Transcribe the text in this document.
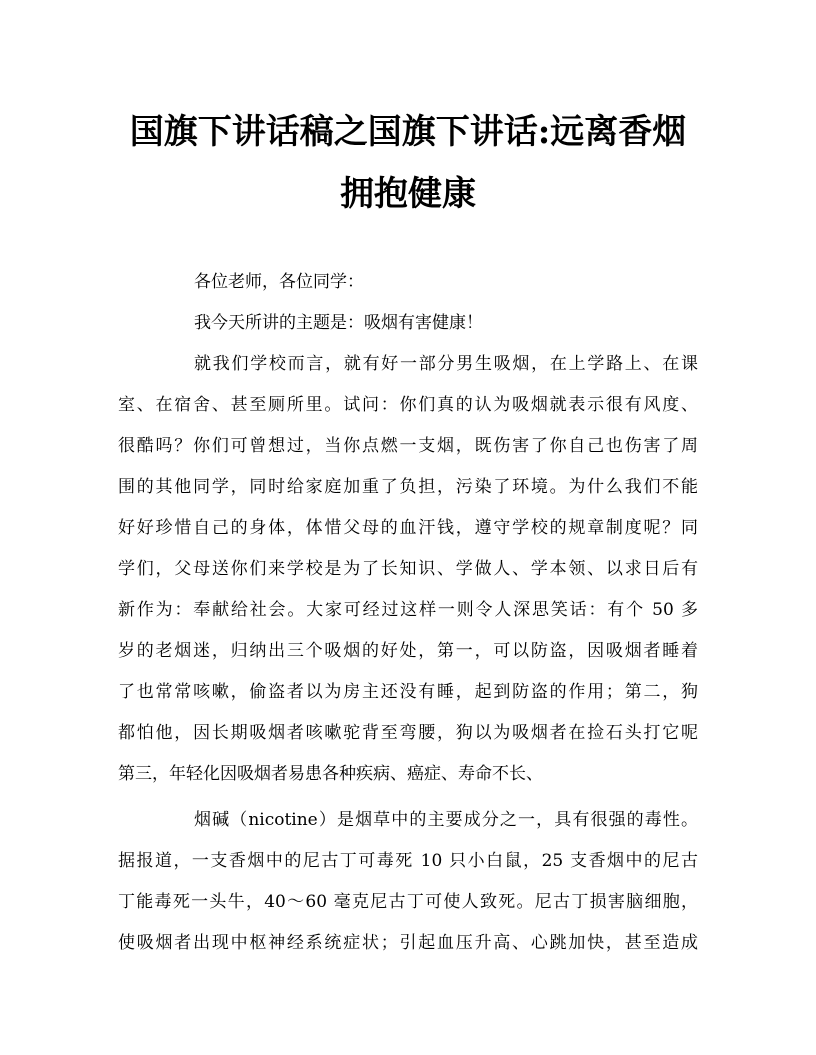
国旗下讲话稿之国旗下讲话:远离香烟
拥抱健康
各位老师，各位同学：
我今天所讲的主题是：吸烟有害健康！
就我们学校而言，就有好一部分男生吸烟，在上学路上、在课
室、在宿舍、甚至厕所里。试问：你们真的认为吸烟就表示很有风度、
很酷吗？你们可曾想过，当你点燃一支烟，既伤害了你自己也伤害了周
围的其他同学，同时给家庭加重了负担，污染了环境。为什么我们不能
好好珍惜自己的身体，体惜父母的血汗钱，遵守学校的规章制度呢？同
学们，父母送你们来学校是为了长知识、学做人、学本领、以求日后有
新作为：奉献给社会。大家可经过这样一则令人深思笑话：有个 50 多
岁的老烟迷，归纳出三个吸烟的好处，第一，可以防盗，因吸烟者睡着
了也常常咳嗽，偷盗者以为房主还没有睡，起到防盗的作用；第二，狗
都怕他，因长期吸烟者咳嗽驼背至弯腰，狗以为吸烟者在捡石头打它呢
第三，年轻化因吸烟者易患各种疾病、癌症、寿命不长、
烟碱（nicotine）是烟草中的主要成分之一，具有很强的毒性。
据报道，一支香烟中的尼古丁可毒死 10 只小白鼠，25 支香烟中的尼古
丁能毒死一头牛，40～60 毫克尼古丁可使人致死。尼古丁损害脑细胞，
使吸烟者出现中枢神经系统症状；引起血压升高、心跳加快，甚至造成
